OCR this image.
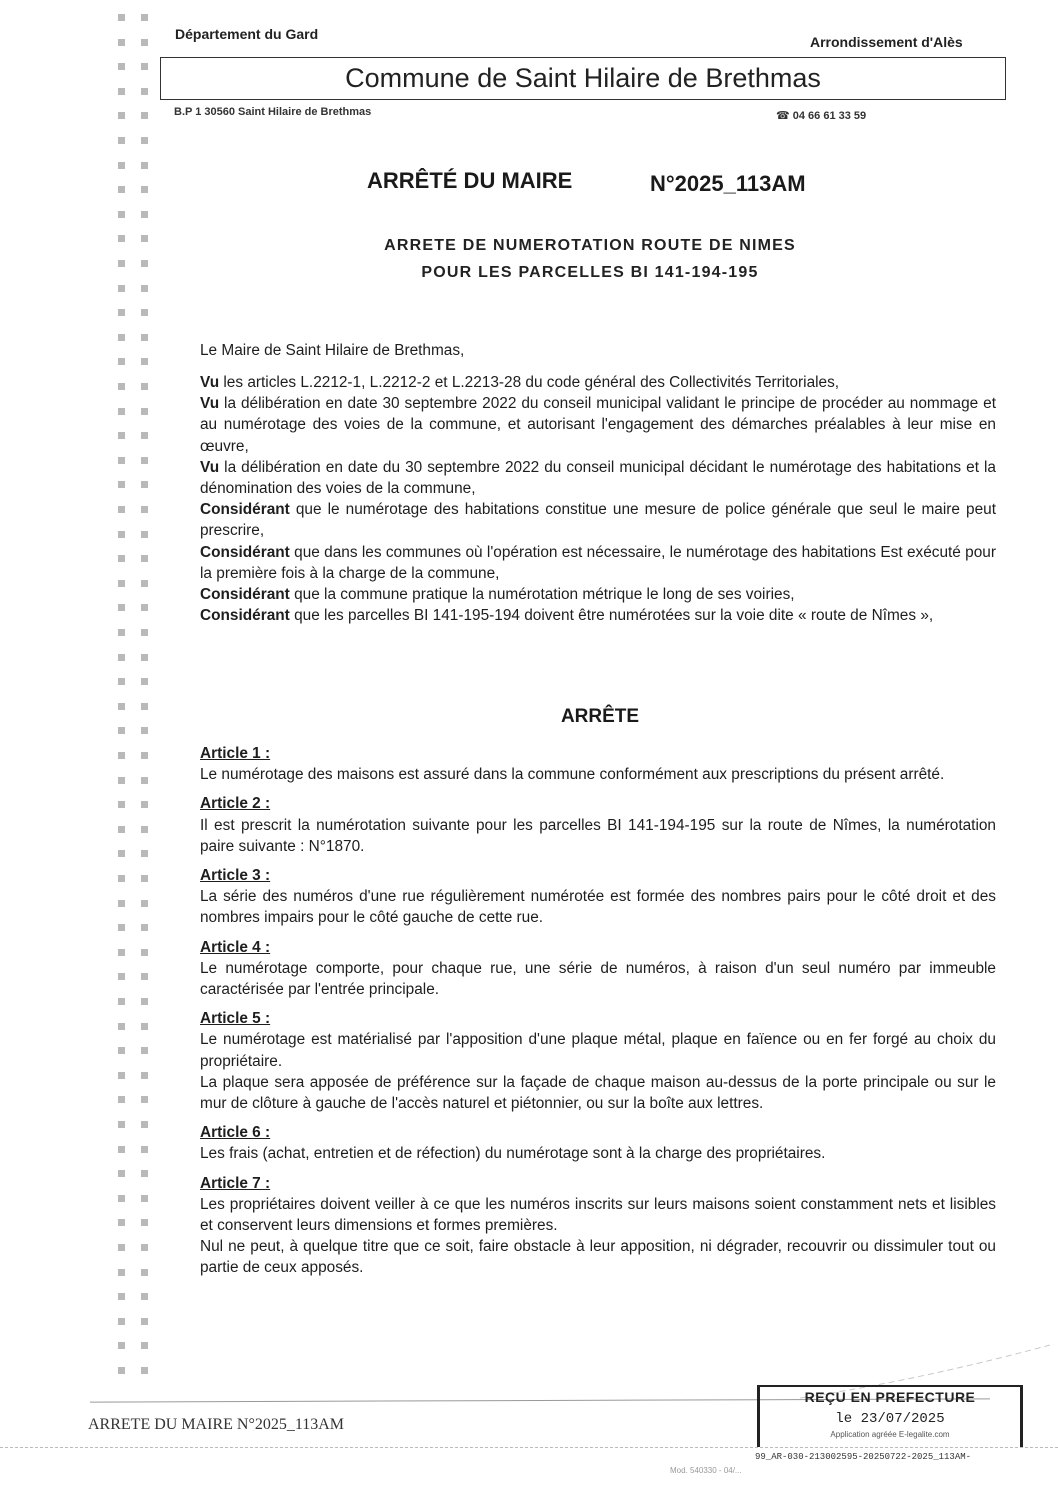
Département du Gard	Arrondissement d'Alès
Commune de Saint Hilaire de Brethmas
B.P 1 30560 Saint Hilaire de Brethmas	☎ 04 66 61 33 59
ARRÊTÉ DU MAIRE	N°2025_113AM
ARRETE DE NUMEROTATION ROUTE DE NIMES
POUR LES PARCELLES BI 141-194-195

Le Maire de Saint Hilaire de Brethmas,

Vu les articles L.2212-1, L.2212-2 et L.2213-28 du code général des Collectivités Territoriales,

Vu la délibération en date 30 septembre 2022 du conseil municipal validant le principe de procéder au nommage et au numérotage des voies de la commune, et autorisant l'engagement des démarches préalables à leur mise en œuvre,

Vu la délibération en date du 30 septembre 2022 du conseil municipal décidant le numérotage des habitations et la dénomination des voies de la commune,

Considérant que le numérotage des habitations constitue une mesure de police générale que seul le maire peut prescrire,

Considérant que dans les communes où l'opération est nécessaire, le numérotage des habitations Est exécuté pour la première fois à la charge de la commune,

Considérant que la commune pratique la numérotation métrique le long de ses voiries,

Considérant que les parcelles BI 141-195-194 doivent être numérotées sur la voie dite « route de Nîmes »,

ARRÊTE

Article 1 :

Le numérotage des maisons est assuré dans la commune conformément aux prescriptions du présent arrêté.

Article 2 :

Il est prescrit la numérotation suivante pour les parcelles BI 141-194-195 sur la route de Nîmes, la numérotation paire suivante : N°1870.

Article 3 :

La série des numéros d'une rue régulièrement numérotée est formée des nombres pairs pour le côté droit et des nombres impairs pour le côté gauche de cette rue.

Article 4 :

Le numérotage comporte, pour chaque rue, une série de numéros, à raison d'un seul numéro par immeuble caractérisée par l'entrée principale.

Article 5 :

Le numérotage est matérialisé par l'apposition d'une plaque métal, plaque en faïence ou en fer forgé au choix du propriétaire.

La plaque sera apposée de préférence sur la façade de chaque maison au-dessus de la porte principale ou sur le mur de clôture à gauche de l'accès naturel et piétonnier, ou sur la boîte aux lettres.

Article 6 :

Les frais (achat, entretien et de réfection) du numérotage sont à la charge des propriétaires.

Article 7 :

Les propriétaires doivent veiller à ce que les numéros inscrits sur leurs maisons soient constamment nets et lisibles et conservent leurs dimensions et formes premières.

Nul ne peut, à quelque titre que ce soit, faire obstacle à leur apposition, ni dégrader, recouvrir ou dissimuler tout ou partie de ceux apposés.

ARRETE DU MAIRE N°2025_113AM
REÇU EN PREFECTURE
le 23/07/2025
Application agréée E-legalite.com
99_AR-030-213002595-20250722-2025_113AM-
Mod. 540330 - 04/...
